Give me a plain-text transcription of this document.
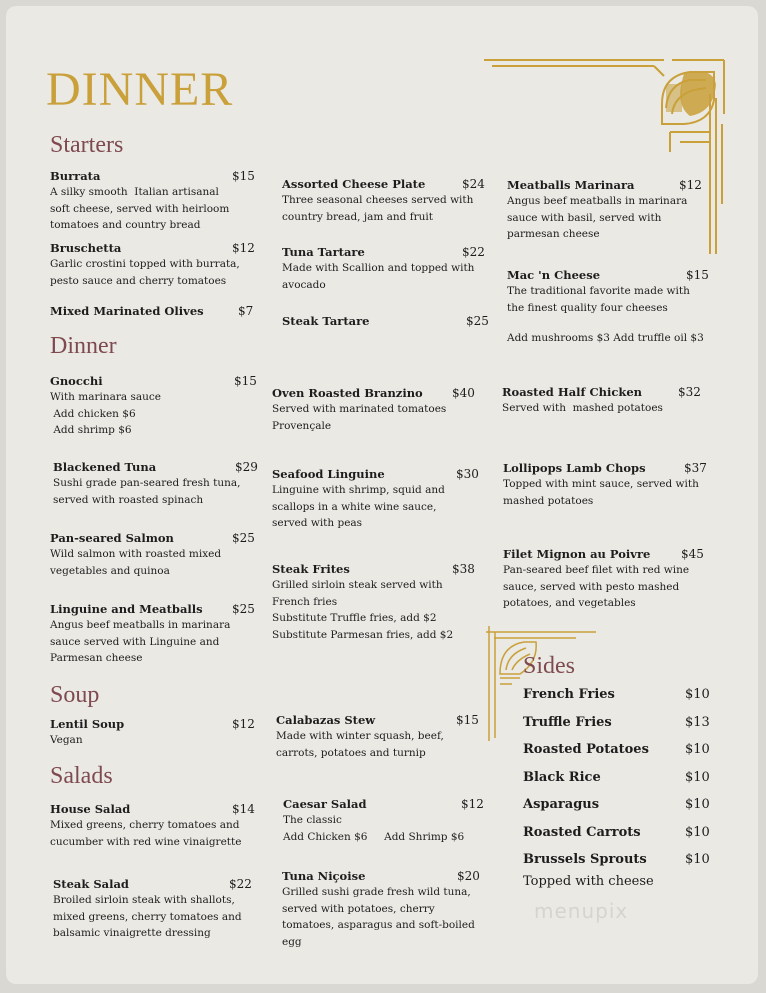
DINNER
Starters
Dinner
Soup
Salads
Sides
Burrata	$15
A silky smooth  Italian artisanal
soft cheese, served with heirloom
tomatoes and country bread
Bruschetta	$12
Garlic crostini topped with burrata,
pesto sauce and cherry tomatoes
Mixed Marinated Olives	$7
Assorted Cheese Plate	$24
Three seasonal cheeses served with
country bread, jam and fruit
Tuna Tartare	$22
Made with Scallion and topped with
avocado
Steak Tartare	$25
Meatballs Marinara	$12
Angus beef meatballs in marinara
sauce with basil, served with
parmesan cheese
Mac 'n Cheese	$15
The traditional favorite made with
the finest quality four cheeses
Add mushrooms $3 Add truffle oil $3
Gnocchi	$15
With marinara sauce
Add chicken $6
Add shrimp $6
Blackened Tuna	$29
Sushi grade pan-seared fresh tuna,
served with roasted spinach
Pan-seared Salmon	$25
Wild salmon with roasted mixed
vegetables and quinoa
Linguine and Meatballs	$25
Angus beef meatballs in marinara
sauce served with Linguine and
Parmesan cheese
Oven Roasted Branzino	$40
Served with marinated tomatoes
Provençale
Seafood Linguine	$30
Linguine with shrimp, squid and
scallops in a white wine sauce,
served with peas
Steak Frites	$38
Grilled sirloin steak served with
French fries
Substitute Truffle fries, add $2
Substitute Parmesan fries, add $2
Roasted Half Chicken	$32
Served with  mashed potatoes
Lollipops Lamb Chops	$37
Topped with mint sauce, served with
mashed potatoes
Filet Mignon au Poivre	$45
Pan-seared beef filet with red wine
sauce, served with pesto mashed
potatoes, and vegetables
Lentil Soup	$12
Vegan
Calabazas Stew	$15
Made with winter squash, beef,
carrots, potatoes and turnip
House Salad	$14
Mixed greens, cherry tomatoes and
cucumber with red wine vinaigrette
Steak Salad	$22
Broiled sirloin steak with shallots,
mixed greens, cherry tomatoes and
balsamic vinaigrette dressing
Caesar Salad	$12
The classic
Add Chicken $6     Add Shrimp $6
Tuna Niçoise	$20
Grilled sushi grade fresh wild tuna,
served with potatoes, cherry
tomatoes, asparagus and soft-boiled
egg
French Fries	$10
Truffle Fries	$13
Roasted Potatoes	$10
Black Rice	$10
Asparagus	$10
Roasted Carrots	$10
Brussels Sprouts	$10
Topped with cheese
menupix
